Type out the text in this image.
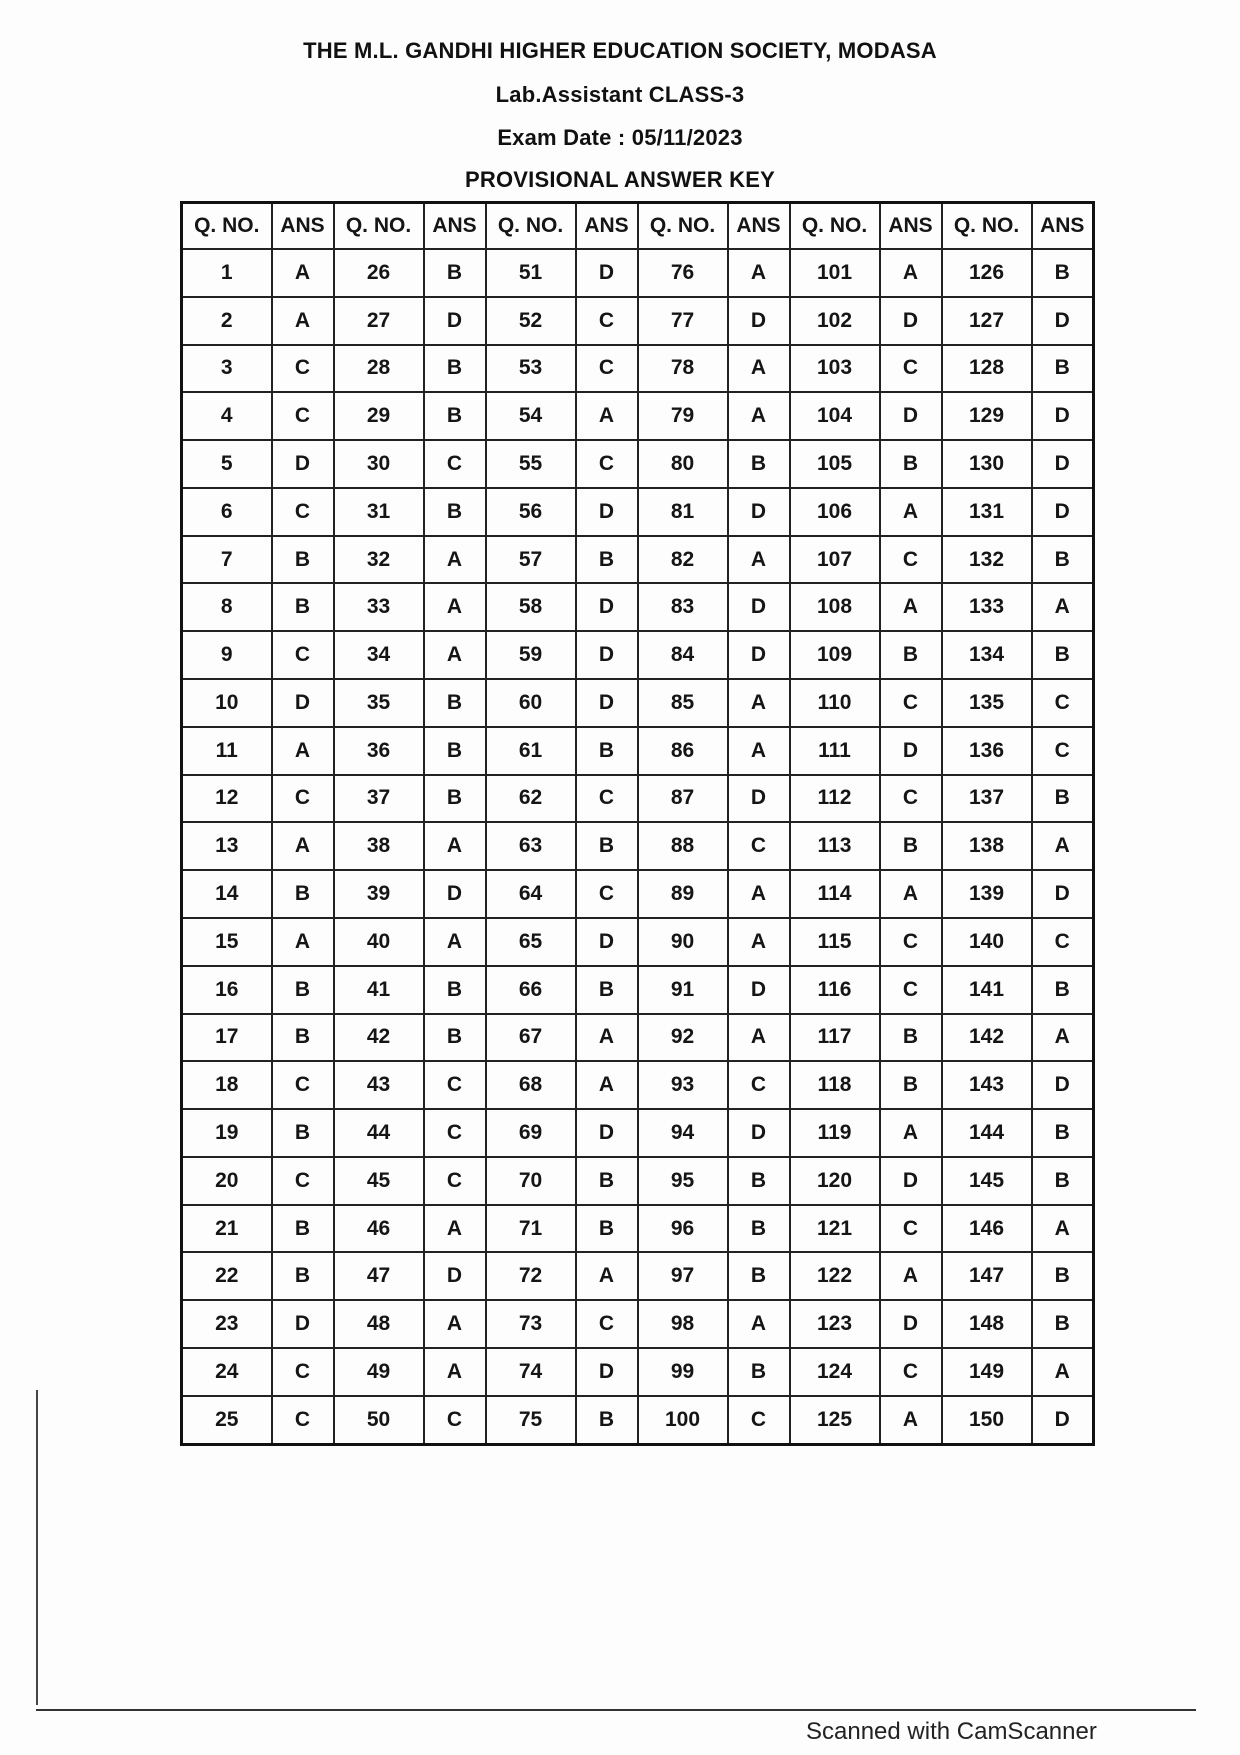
THE M.L. GANDHI HIGHER EDUCATION SOCIETY, MODASA
Lab.Assistant CLASS-3
Exam Date : 05/11/2023
PROVISIONAL ANSWER KEY
Q. NO.	ANS	Q. NO.	ANS	Q. NO.	ANS	Q. NO.	ANS	Q. NO.	ANS	Q. NO.	ANS
1	A	26	B	51	D	76	A	101	A	126	B
2	A	27	D	52	C	77	D	102	D	127	D
3	C	28	B	53	C	78	A	103	C	128	B
4	C	29	B	54	A	79	A	104	D	129	D
5	D	30	C	55	C	80	B	105	B	130	D
6	C	31	B	56	D	81	D	106	A	131	D
7	B	32	A	57	B	82	A	107	C	132	B
8	B	33	A	58	D	83	D	108	A	133	A
9	C	34	A	59	D	84	D	109	B	134	B
10	D	35	B	60	D	85	A	110	C	135	C
11	A	36	B	61	B	86	A	111	D	136	C
12	C	37	B	62	C	87	D	112	C	137	B
13	A	38	A	63	B	88	C	113	B	138	A
14	B	39	D	64	C	89	A	114	A	139	D
15	A	40	A	65	D	90	A	115	C	140	C
16	B	41	B	66	B	91	D	116	C	141	B
17	B	42	B	67	A	92	A	117	B	142	A
18	C	43	C	68	A	93	C	118	B	143	D
19	B	44	C	69	D	94	D	119	A	144	B
20	C	45	C	70	B	95	B	120	D	145	B
21	B	46	A	71	B	96	B	121	C	146	A
22	B	47	D	72	A	97	B	122	A	147	B
23	D	48	A	73	C	98	A	123	D	148	B
24	C	49	A	74	D	99	B	124	C	149	A
25	C	50	C	75	B	100	C	125	A	150	D
Scanned with CamScanner
